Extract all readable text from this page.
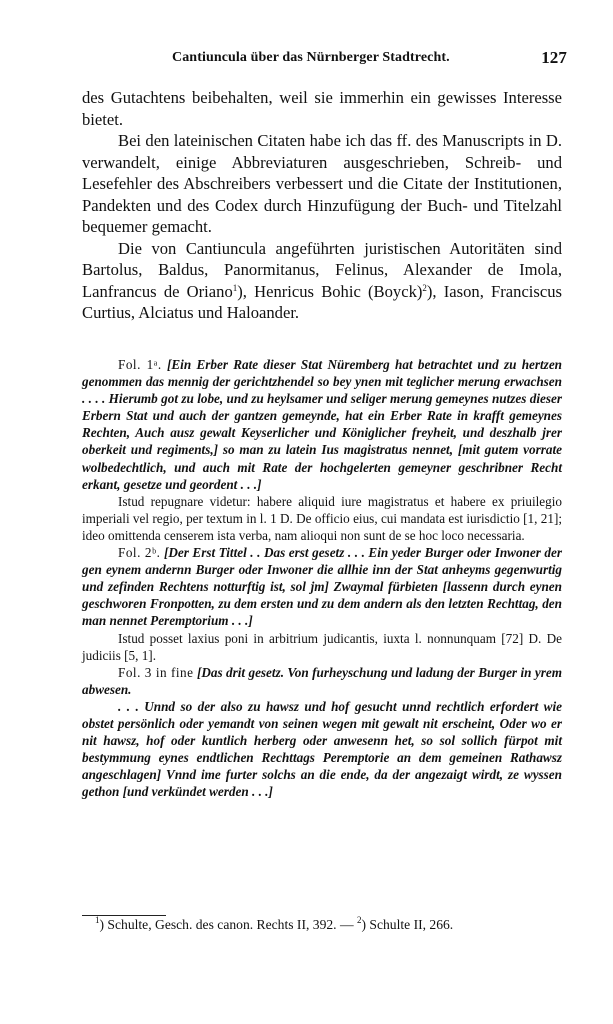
Cantiuncula über das Nürnberger Stadtrecht.	127

des Gutachtens beibehalten, weil sie immerhin ein gewisses Interesse bietet.

Bei den lateinischen Citaten habe ich das ff. des Manuscripts in D. verwandelt, einige Abbreviaturen ausgeschrieben, Schreib- und Lesefehler des Abschreibers verbessert und die Citate der Institutionen, Pandekten und des Codex durch Hinzufügung der Buch- und Titelzahl bequemer gemacht.

Die von Cantiuncula angeführten juristischen Autoritäten sind Bartolus, Baldus, Panormitanus, Felinus, Alexander de Imola, Lanfrancus de Oriano$^1$), Henricus Bohic (Boyck)$^2$), Iason, Franciscus Curtius, Alciatus und Haloander.

Fol. 1ᵃ. [Ein Erber Rate dieser Stat Nüremberg hat betrachtet und zu hertzen genommen das mennig der gerichtzhendel so bey ynen mit teglicher merung erwachsen . . . . Hierumb got zu lobe, und zu heylsamer und seliger merung gemeynes nutzes dieser Erbern Stat und auch der gantzen gemeynde, hat ein Erber Rate in krafft gemeynes Rechten, Auch ausz gewalt Keyserlicher und Königlicher freyheit, und deszhalb jrer oberkeit und regiments,] so man zu latein Ius magistratus nennet, [mit gutem vorrate wolbedechtlich, und auch mit Rate der hochgelerten gemeyner geschribner Recht erkant, gesetze und geordent . . .]

Istud repugnare videtur: habere aliquid iure magistratus et habere ex priuilegio imperiali vel regio, per textum in l. 1 D. De officio eius, cui mandata est iurisdictio [1, 21]; ideo omittenda censerem ista verba, nam alioqui non sunt de se hoc loco necessaria.

Fol. 2ᵇ. [Der Erst Tittel . . Das erst gesetz . . . Ein yeder Burger oder Inwoner der gen eynem andernn Burger oder Inwoner die allhie inn der Stat anheyms gegenwurtig und zefinden Rechtens notturftig ist, sol jm] Zwaymal fürbieten [lassenn durch eynen geschworen Fronpotten, zu dem ersten und zu dem andern als den letzten Rechttag, den man nennet Peremptorium . . .]

Istud posset laxius poni in arbitrium judicantis, iuxta l. nonnunquam [72] D. De judiciis [5, 1].

Fol. 3 in fine [Das drit gesetz. Von furheyschung und ladung der Burger in yrem abwesen.

. . . Unnd so der also zu hawsz und hof gesucht unnd rechtlich erfordert wie obstet persönlich oder yemandt von seinen wegen mit gewalt nit erscheint, Oder wo er nit hawsz, hof oder kuntlich herberg oder anwesenn het, so sol sollich fürpot mit bestymmung eynes endtlichen Rechttags Peremptorie an dem gemeinen Rathawsz angeschlagen] Vnnd ime furter solchs an die ende, da der angezaigt wirdt, ze wyssen gethon [und verkündet werden . . .]

$^1$) Schulte, Gesch. des canon. Rechts II, 392. — $^2$) Schulte II, 266.
